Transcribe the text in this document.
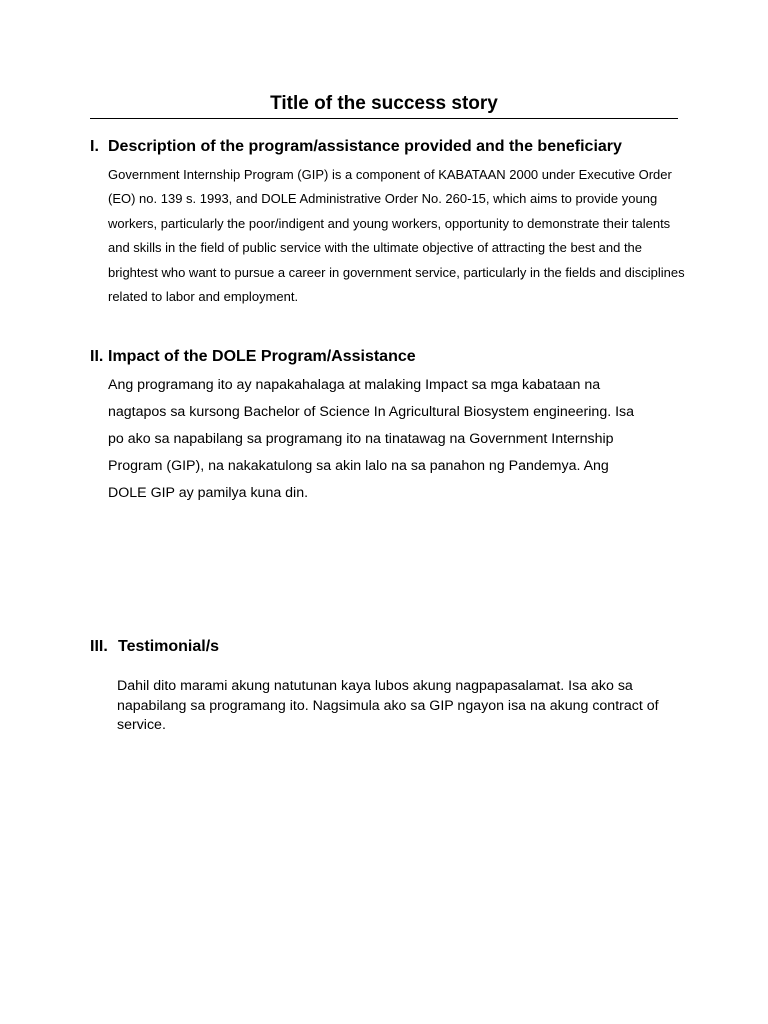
Title of the success story
I. Description of the program/assistance provided and the beneficiary

Government Internship Program (GIP) is a component of KABATAAN 2000 under Executive Order (EO) no. 139 s. 1993, and DOLE Administrative Order No. 260-15, which aims to provide young workers, particularly the poor/indigent and young workers, opportunity to demonstrate their talents and skills in the field of public service with the ultimate objective of attracting the best and the brightest who want to pursue a career in government service, particularly in the fields and disciplines related to labor and employment.

II. Impact of the DOLE Program/Assistance

Ang programang ito ay napakahalaga at malaking Impact sa mga kabataan na nagtapos sa kursong Bachelor of Science In Agricultural Biosystem engineering. Isa po ako sa napabilang sa programang ito na tinatawag na Government Internship Program (GIP), na nakakatulong sa akin lalo na sa panahon ng Pandemya. Ang DOLE GIP ay pamilya kuna din.

III. Testimonial/s

Dahil dito marami akung natutunan kaya lubos akung nagpapasalamat. Isa ako sa napabilang sa programang ito. Nagsimula ako sa GIP ngayon isa na akung contract of service.
